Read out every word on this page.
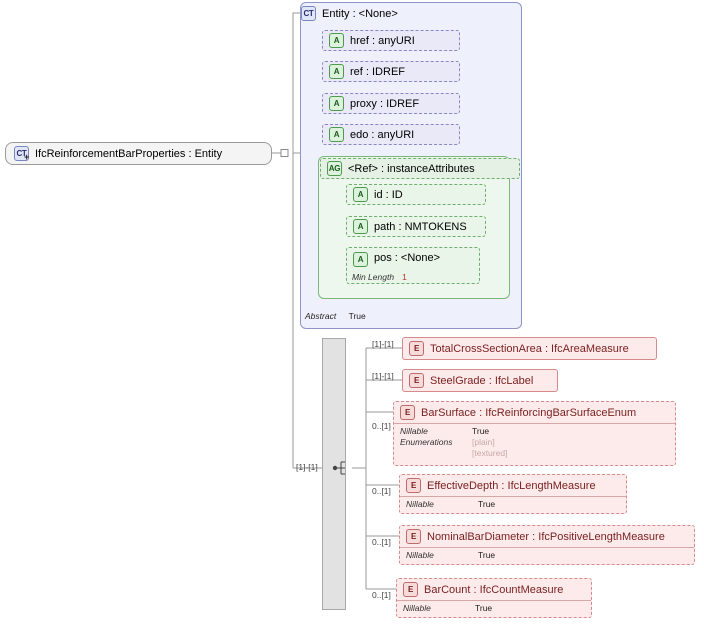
CT + IfcReinforcementBarProperties : Entity
CT Entity : <None>
Abstract True
A href : anyURI
A ref : IDREF
A proxy : IDREF
A edo : anyURI
AG <Ref> : instanceAttributes
A id : ID
A path : NMTOKENS
A pos : <None>
Min Length 1
[1]-[1]
[1]-[1]	E TotalCrossSectionArea : IfcAreaMeasure
[1]-[1]	E SteelGrade : IfcLabel
0..[1]
E BarSurface : IfcReinforcingBarSurfaceEnum
Nillable	True
Enumerations	[plain]
[textured]
0..[1]
E EffectiveDepth : IfcLengthMeasure
Nillable	True
0..[1]
E NominalBarDiameter : IfcPositiveLengthMeasure
Nillable	True
0..[1]
E BarCount : IfcCountMeasure
Nillable	True
